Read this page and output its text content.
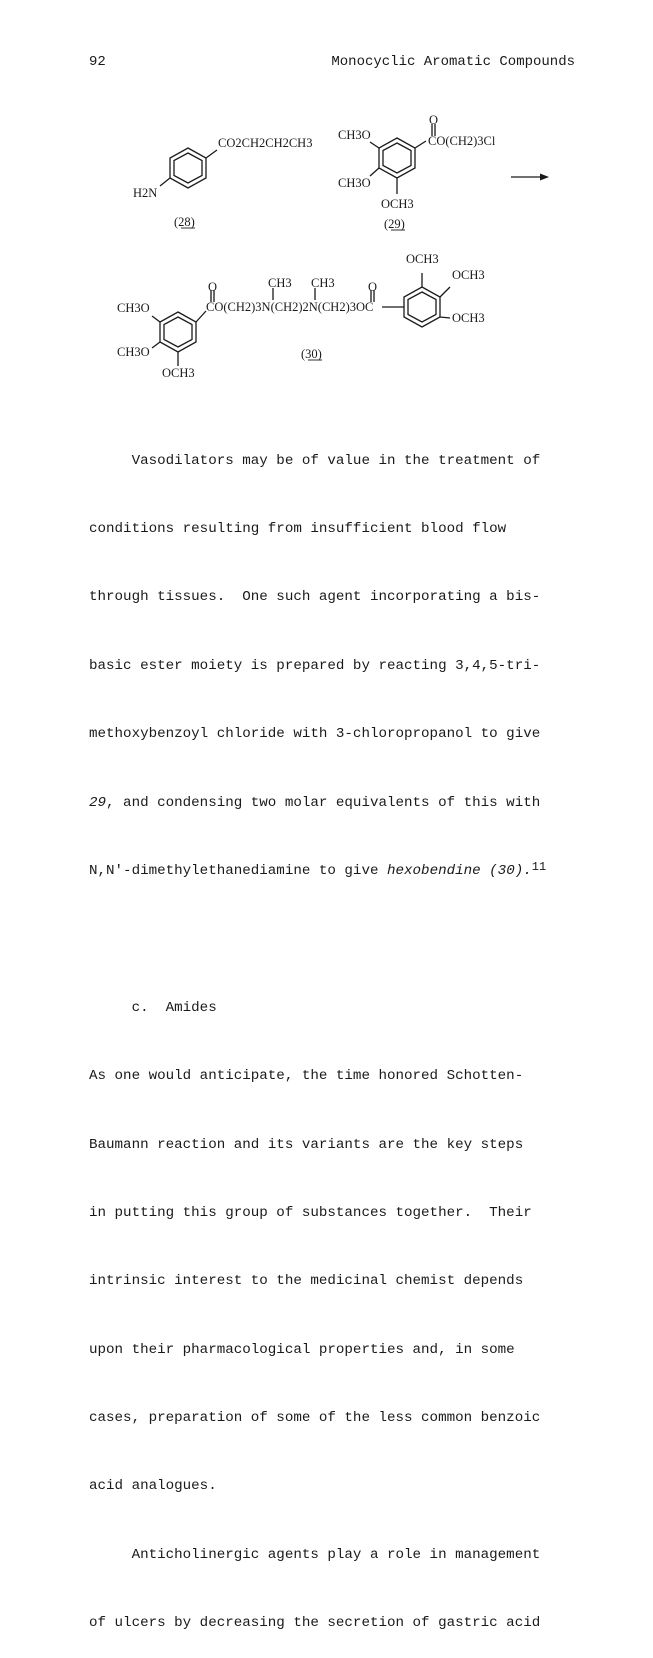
92	Monocyclic Aromatic Compounds
CO2CH2CH2CH3
H2N
(28)
O
CO(CH2)3Cl
CH3O
CH3O
OCH3
(29)
OCH3
OCH3
OCH3
CH3 CH3
O	O
CO(CH2)3N(CH2)2N(CH2)3OC
CH3O
CH3O
OCH3
(30)

Vasodilators may be of value in the treatment of

conditions resulting from insufficient blood flow

through tissues.  One such agent incorporating a bis-

basic ester moiety is prepared by reacting 3,4,5-tri-

methoxybenzoyl chloride with 3-chloropropanol to give

29, and condensing two molar equivalents of this with

N,N'-dimethylethanediamine to give hexobendine (30).$^{11}$

c.  Amides

As one would anticipate, the time honored Schotten-

Baumann reaction and its variants are the key steps

in putting this group of substances together.  Their

intrinsic interest to the medicinal chemist depends

upon their pharmacological properties and, in some

cases, preparation of some of the less common benzoic

acid analogues.

Anticholinergic agents play a role in management

of ulcers by decreasing the secretion of gastric acid
